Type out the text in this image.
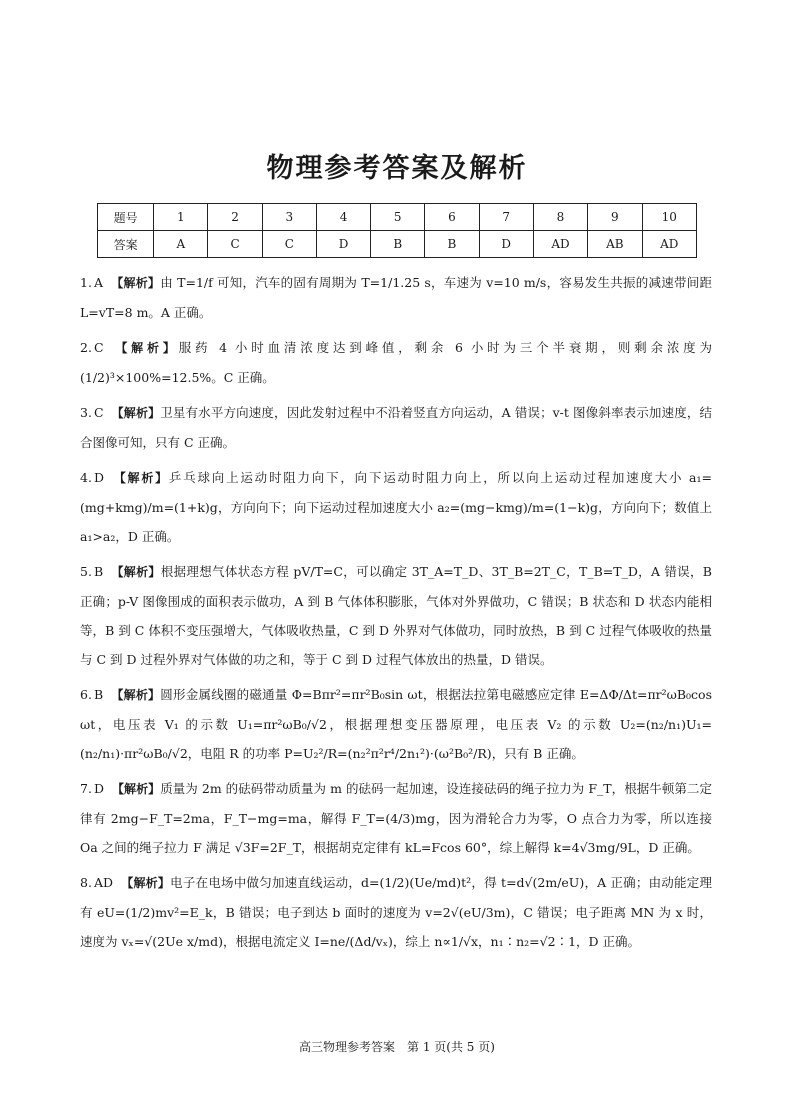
物理参考答案及解析
题号	1	2	3	4	5	6	7	8	9	10
答案	A	C	C	D	B	B	D	AD	AB	AD
1. A 【解析】由 T=1/f 可知，汽车的固有周期为 T=1/1.25 s，车速为 v=10 m/s，容易发生共振的减速带间距 L=vT=8 m。A 正确。
2. C 【解析】服药 4 小时血清浓度达到峰值，剩余 6 小时为三个半衰期，则剩余浓度为 (1/2)³×100%=12.5%。C 正确。
3. C 【解析】卫星有水平方向速度，因此发射过程中不沿着竖直方向运动，A 错误；v-t 图像斜率表示加速度，结合图像可知，只有 C 正确。
4. D 【解析】乒乓球向上运动时阻力向下，向下运动时阻力向上，所以向上运动过程加速度大小 a₁=(mg+kmg)/m=(1+k)g，方向向下；向下运动过程加速度大小 a₂=(mg−kmg)/m=(1−k)g，方向向下；数值上 a₁>a₂，D 正确。
5. B 【解析】根据理想气体状态方程 pV/T=C，可以确定 3T_A=T_D、3T_B=2T_C，T_B=T_D，A 错误，B 正确；p-V 图像围成的面积表示做功，A 到 B 气体体积膨胀，气体对外界做功，C 错误；B 状态和 D 状态内能相等，B 到 C 体积不变压强增大，气体吸收热量，C 到 D 外界对气体做功，同时放热，B 到 C 过程气体吸收的热量与 C 到 D 过程外界对气体做的功之和，等于 C 到 D 过程气体放出的热量，D 错误。
6. B 【解析】圆形金属线圈的磁通量 Φ=Bπr²=πr²B₀sin ωt，根据法拉第电磁感应定律 E=ΔΦ/Δt=πr²ωB₀cos ωt，电压表 V₁ 的示数 U₁=πr²ωB₀/√2，根据理想变压器原理，电压表 V₂ 的示数 U₂=(n₂/n₁)U₁=(n₂/n₁)·πr²ωB₀/√2，电阻 R 的功率 P=U₂²/R=(n₂²π²r⁴/2n₁²)·(ω²B₀²/R)，只有 B 正确。
7. D 【解析】质量为 2m 的砝码带动质量为 m 的砝码一起加速，设连接砝码的绳子拉力为 F_T，根据牛顿第二定律有 2mg−F_T=2ma，F_T−mg=ma，解得 F_T=(4/3)mg，因为滑轮合力为零，O 点合力为零，所以连接 Oa 之间的绳子拉力 F 满足 √3F=2F_T，根据胡克定律有 kL=Fcos 60°，综上解得 k=4√3mg/9L，D 正确。
8. AD 【解析】电子在电场中做匀加速直线运动，d=(1/2)(Ue/md)t²，得 t=d√(2m/eU)，A 正确；由动能定理有 eU=(1/2)mv²=E_k，B 错误；电子到达 b 面时的速度为 v=2√(eU/3m)，C 错误；电子距离 MN 为 x 时，速度为 vₓ=√(2Ue x/md)，根据电流定义 I=ne/(Δd/vₓ)，综上 n∝1/√x，n₁∶n₂=√2∶1，D 正确。
高三物理参考答案　第 1 页(共 5 页)
